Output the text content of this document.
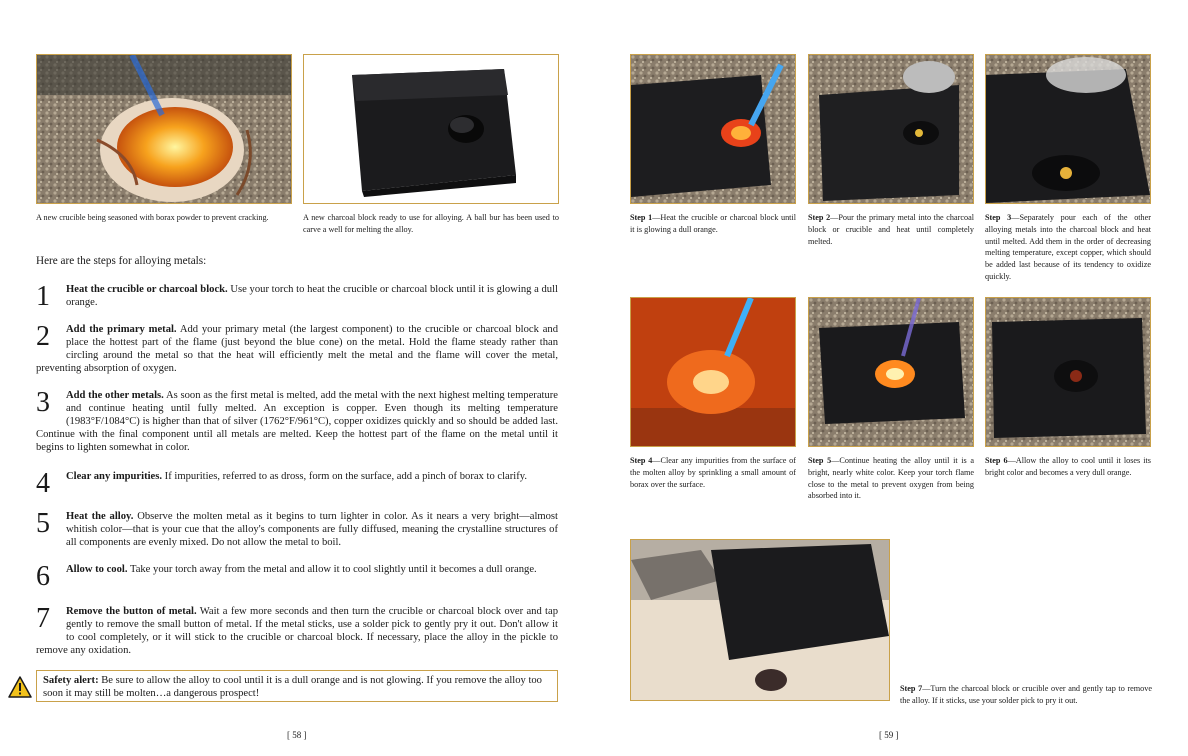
A new crucible being seasoned with borax powder to prevent cracking.	A new charcoal block ready to use for alloying. A ball bur has been used to carve a well for melting the alloy.
Here are the steps for alloying metals:
1	Heat the crucible or charcoal block. Use your torch to heat the crucible or charcoal block until it is glowing a dull orange.
2	Add the primary metal. Add your primary metal (the largest component) to the crucible or charcoal block and place the hottest part of the flame (just beyond the blue cone) on the metal. Hold the flame steady rather than circling around the metal so that the heat will efficiently melt the metal and the flame will cover the metal, preventing absorption of oxygen.
3	Add the other metals. As soon as the first metal is melted, add the metal with the next highest melting temperature and continue heating until fully melted. An exception is copper. Even though its melting temperature (1983°F/1084°C) is higher than that of silver (1762°F/961°C), copper oxidizes quickly and so should be added last. Continue with the final component until all metals are melted. Keep the hottest part of the flame on the metal until it begins to lighten somewhat in color.
4	Clear any impurities. If impurities, referred to as dross, form on the surface, add a pinch of borax to clarify.
5	Heat the alloy. Observe the molten metal as it begins to turn lighter in color. As it nears a very bright—almost whitish color—that is your cue that the alloy's components are fully diffused, meaning the crystalline structures of all components are evenly mixed. Do not allow the metal to boil.
6	Allow to cool. Take your torch away from the metal and allow it to cool slightly until it becomes a dull orange.
7	Remove the button of metal. Wait a few more seconds and then turn the crucible or charcoal block over and tap gently to remove the small button of metal. If the metal sticks, use a solder pick to gently pry it out. Don't allow it to cool completely, or it will stick to the crucible or charcoal block. If necessary, place the alloy in the pickle to remove any oxidation.
Safety alert: Be sure to allow the alloy to cool until it is a dull orange and is not glowing. If you remove the alloy too soon it may still be molten…a dangerous prospect!
[ 58 ]
Step 1—Heat the crucible or charcoal block until it is glowing a dull orange.
Step 2—Pour the primary metal into the charcoal block or crucible and heat until completely melted.
Step 3—Separately pour each of the other alloying metals into the charcoal block and heat until melted. Add them in the order of decreasing melting temperature, except copper, which should be added last because of its tendency to oxidize quickly.
Step 4—Clear any impurities from the surface of the molten alloy by sprinkling a small amount of borax over the surface.
Step 5—Continue heating the alloy until it is a bright, nearly white color. Keep your torch flame close to the metal to prevent oxygen from being absorbed into it.
Step 6—Allow the alloy to cool until it loses its bright color and becomes a very dull orange.
Step 7—Turn the charcoal block or crucible over and gently tap to remove the alloy. If it sticks, use your solder pick to pry it out.
[ 59 ]
